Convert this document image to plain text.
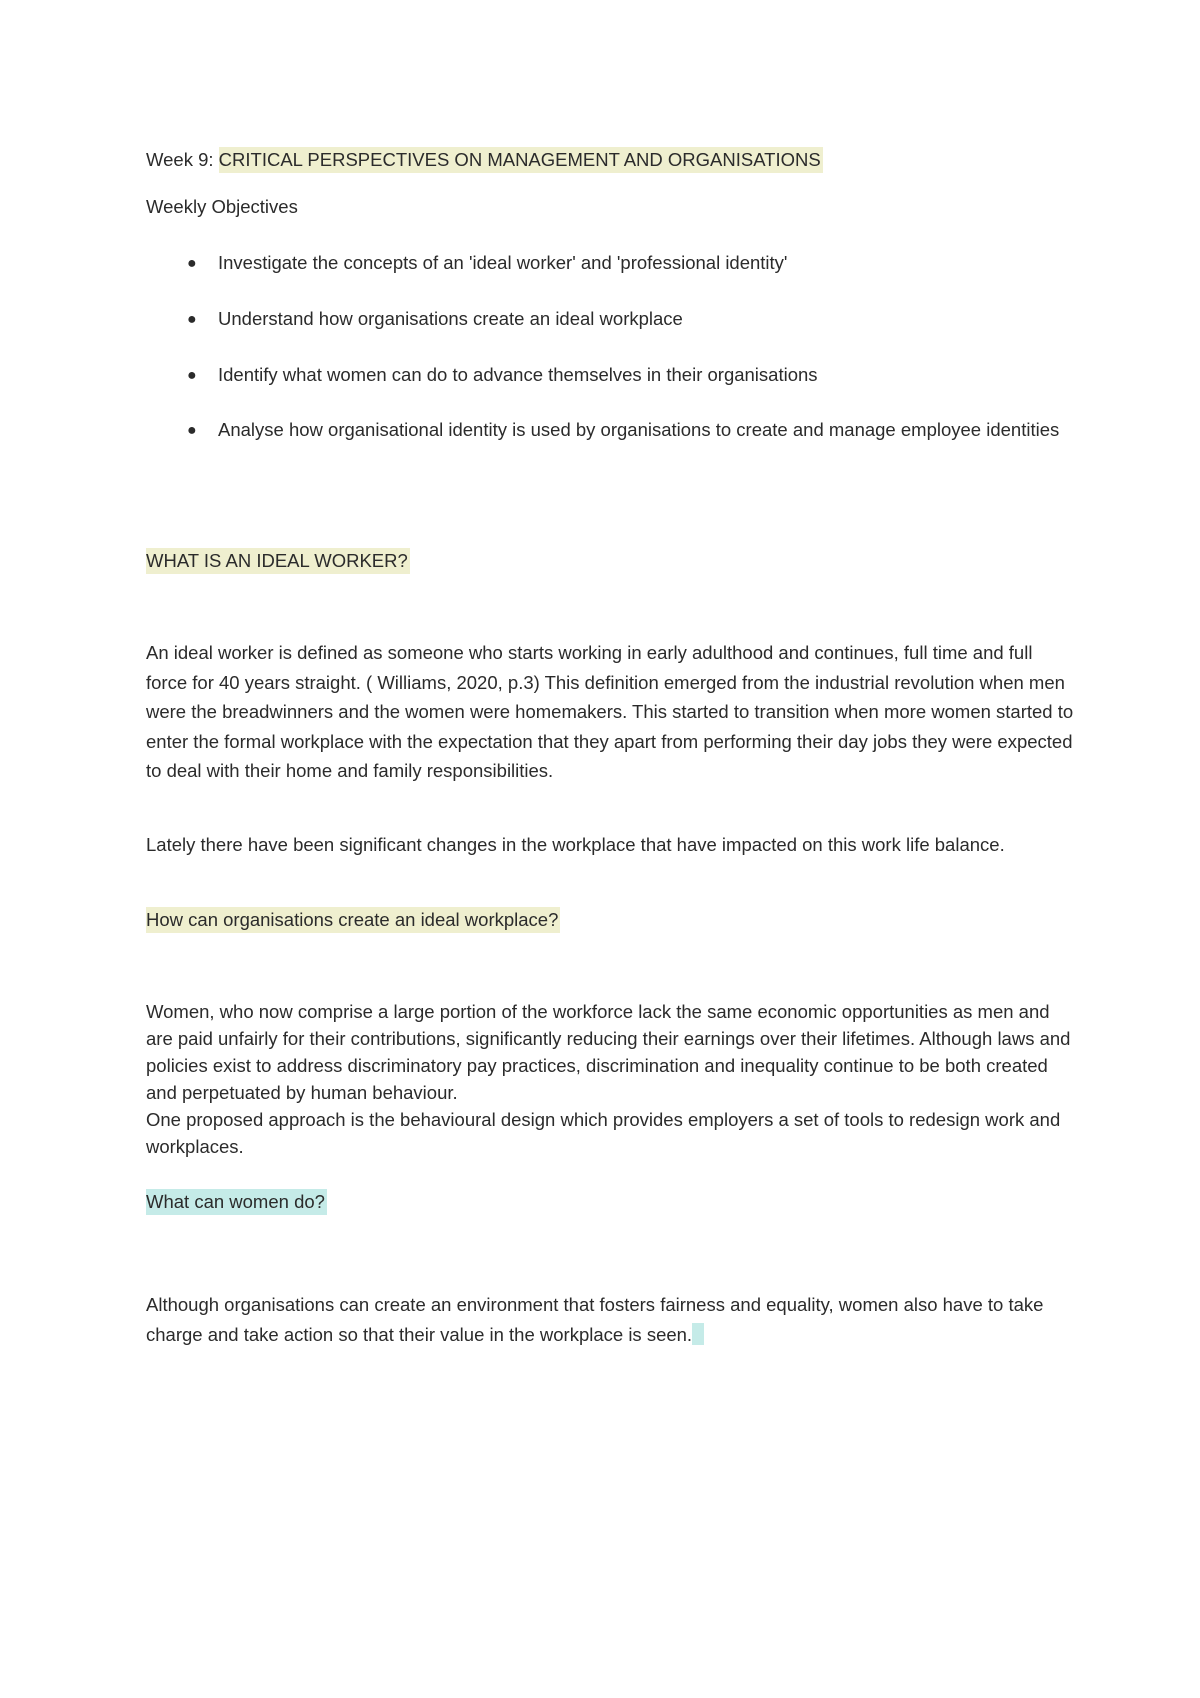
Week 9: CRITICAL PERSPECTIVES ON MANAGEMENT AND ORGANISATIONS
Weekly Objectives
● Investigate the concepts of an 'ideal worker' and 'professional identity'
● Understand how organisations create an ideal workplace
● Identify what women can do to advance themselves in their organisations
● Analyse how organisational identity is used by organisations to create and manage employee identities
WHAT IS AN IDEAL WORKER?

An ideal worker is defined as someone who starts working in early adulthood and continues, full time and full force for 40 years straight. ( Williams, 2020, p.3) This definition emerged from the industrial revolution when men were the breadwinners and the women were homemakers. This started to transition when more women started to enter the formal workplace with the expectation that they apart from performing their day jobs they were expected to deal with their home and family responsibilities.

Lately there have been significant changes in the workplace that have impacted on this work life balance.

How can organisations create an ideal workplace?

Women, who now comprise a large portion of the workforce lack the same economic opportunities as men and are paid unfairly for their contributions, significantly reducing their earnings over their lifetimes. Although laws and policies exist to address discriminatory pay practices, discrimination and inequality continue to be both created and perpetuated by human behaviour.

One proposed approach is the behavioural design which provides employers a set of tools to redesign work and workplaces.

What can women do?

Although organisations can create an environment that fosters fairness and equality, women also have to take charge and take action so that their value in the workplace is seen.
